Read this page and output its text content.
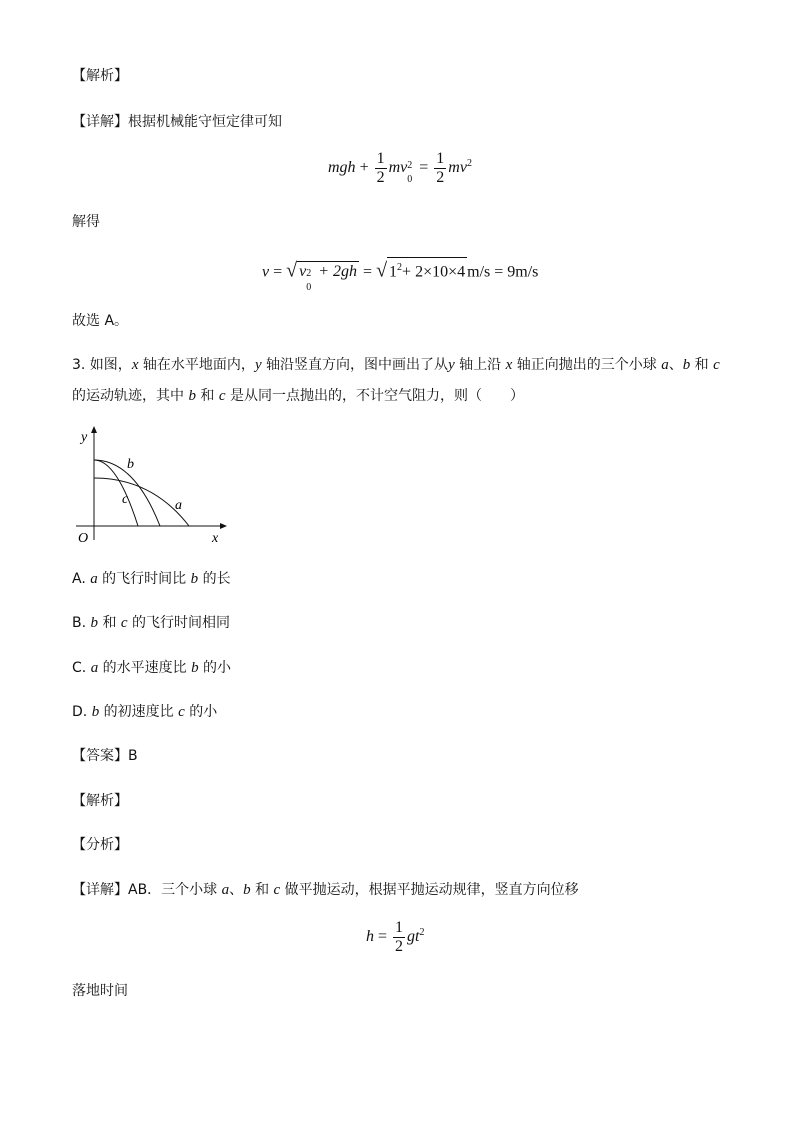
【解析】
【详解】根据机械能守恒定律可知
mgh + $\frac{1}{2}$ mv 2
0
= $\frac{1}{2} mv^2$
解得
v = √ v 2
0
+ 2gh = √ $1^2+ 2\times 10\times 4$ m/s = 9m/s
故选 A。
3. 如图，x 轴在水平地面内，y 轴沿竖直方向，图中画出了从y 轴上沿 x 轴正向抛出的三个小球 a、b 和 c
的运动轨迹，其中 b 和 c 是从同一点抛出的，不计空气阻力，则（　　）
y
x
O
b
c	a
A. a 的飞行时间比 b 的长
B. b 和 c 的飞行时间相同
C. a 的水平速度比 b 的小
D. b 的初速度比 c 的小
【答案】B
【解析】
【分析】
【详解】AB．三个小球 a、b 和 c 做平抛运动，根据平抛运动规律，竖直方向位移
$h = \frac{1}{2} gt^2$
落地时间
